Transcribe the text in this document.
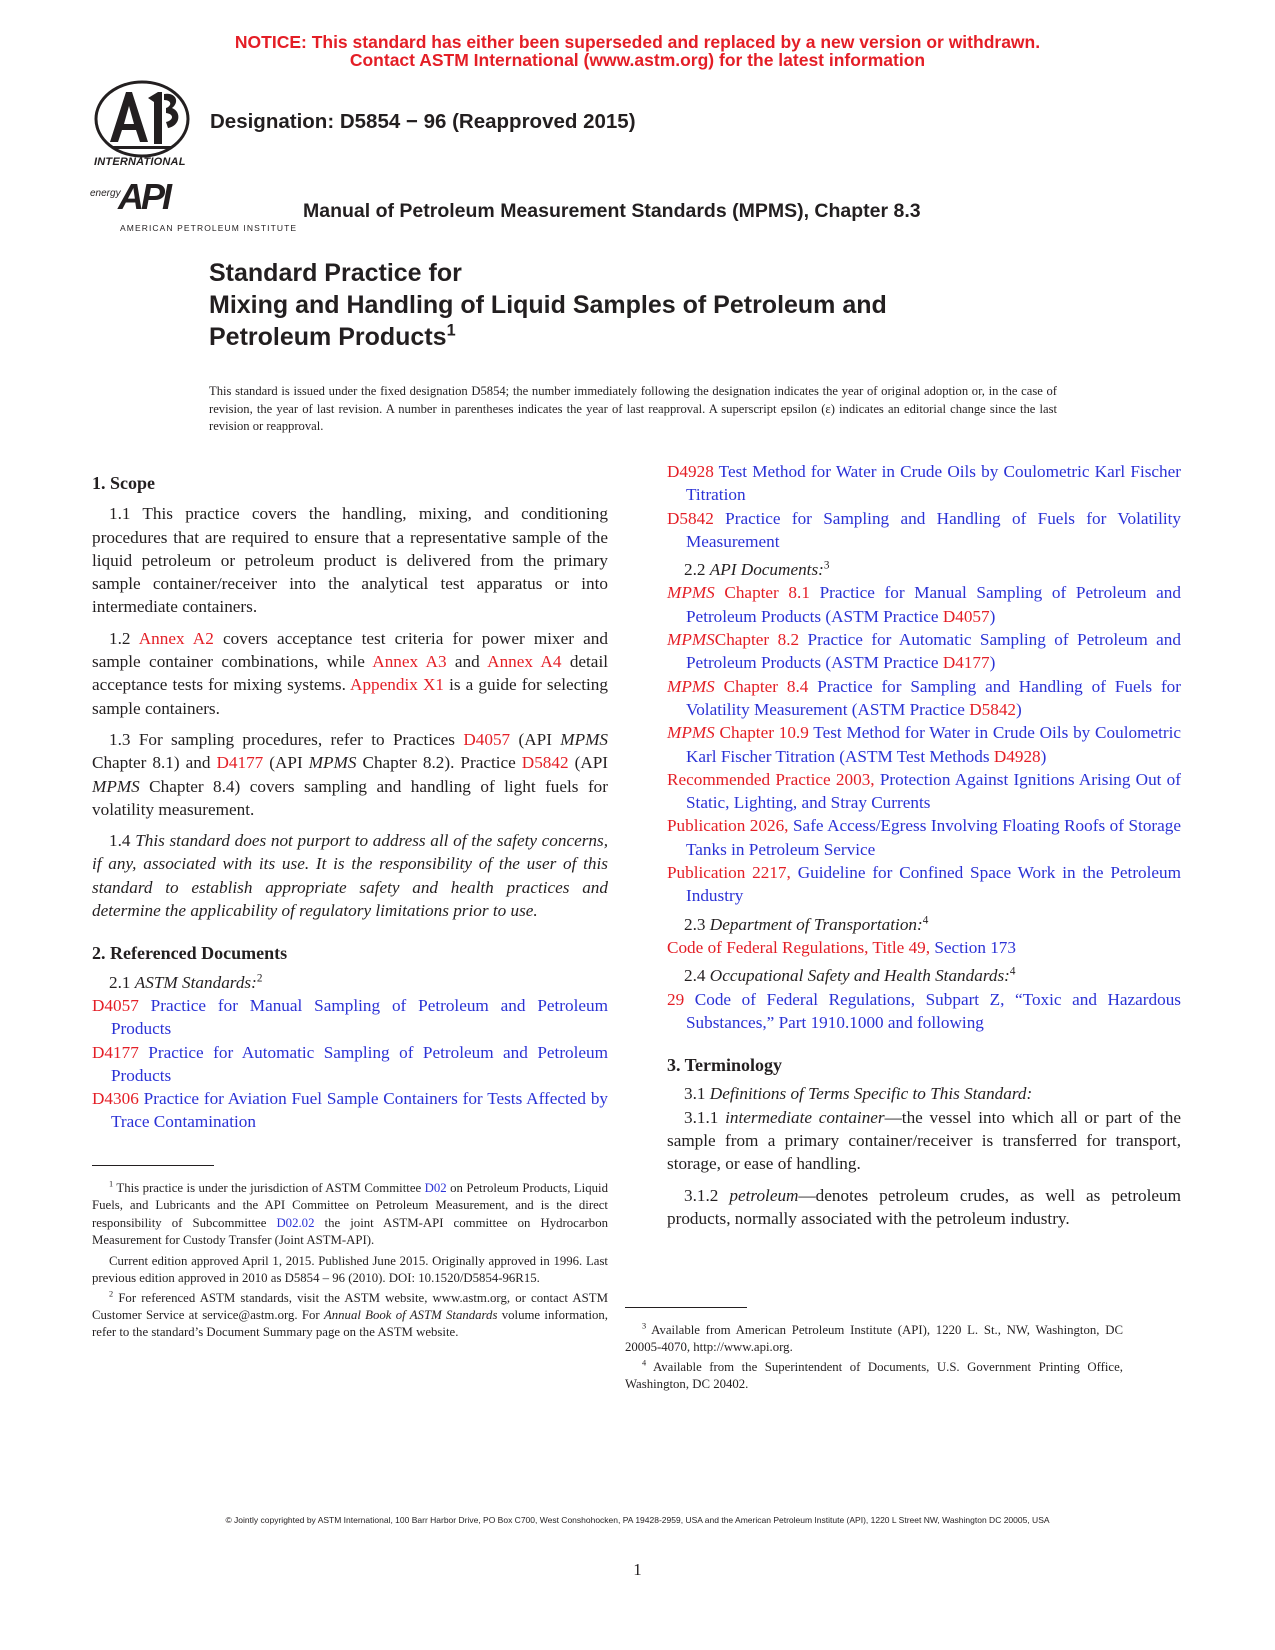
NOTICE: This standard has either been superseded and replaced by a new version or withdrawn.
Contact ASTM International (www.astm.org) for the latest information
INTERNATIONAL
energy
API
AMERICAN PETROLEUM INSTITUTE
Designation: D5854 − 96 (Reapproved 2015)
Manual of Petroleum Measurement Standards (MPMS), Chapter 8.3
Standard Practice for
Mixing and Handling of Liquid Samples of Petroleum and
Petroleum Products$^1$
This standard is issued under the fixed designation D5854; the number immediately following the designation indicates the year of original adoption or, in the case of revision, the year of last revision. A number in parentheses indicates the year of last reapproval. A superscript epsilon (ε) indicates an editorial change since the last revision or reapproval.
1. Scope

1.1 This practice covers the handling, mixing, and conditioning procedures that are required to ensure that a representative sample of the liquid petroleum or petroleum product is delivered from the primary sample container/receiver into the analytical test apparatus or into intermediate containers.

1.2 Annex A2 covers acceptance test criteria for power mixer and sample container combinations, while Annex A3 and Annex A4 detail acceptance tests for mixing systems. Appendix X1 is a guide for selecting sample containers.

1.3 For sampling procedures, refer to Practices D4057 (API MPMS Chapter 8.1) and D4177 (API MPMS Chapter 8.2). Practice D5842 (API MPMS Chapter 8.4) covers sampling and handling of light fuels for volatility measurement.

1.4 This standard does not purport to address all of the safety concerns, if any, associated with its use. It is the responsibility of the user of this standard to establish appropriate safety and health practices and determine the applicability of regulatory limitations prior to use.

2. Referenced Documents

2.1 ASTM Standards:$^2$

D4057 Practice for Manual Sampling of Petroleum and Petroleum Products

D4177 Practice for Automatic Sampling of Petroleum and Petroleum Products

D4306 Practice for Aviation Fuel Sample Containers for Tests Affected by Trace Contamination

$^1$ This practice is under the jurisdiction of ASTM Committee D02 on Petroleum Products, Liquid Fuels, and Lubricants and the API Committee on Petroleum Measurement, and is the direct responsibility of Subcommittee D02.02 the joint ASTM-API committee on Hydrocarbon Measurement for Custody Transfer (Joint ASTM-API).

Current edition approved April 1, 2015. Published June 2015. Originally approved in 1996. Last previous edition approved in 2010 as D5854 – 96 (2010). DOI: 10.1520/D5854-96R15.

$^2$ For referenced ASTM standards, visit the ASTM website, www.astm.org, or contact ASTM Customer Service at service@astm.org. For Annual Book of ASTM Standards volume information, refer to the standard’s Document Summary page on the ASTM website.

D4928 Test Method for Water in Crude Oils by Coulometric Karl Fischer Titration

D5842 Practice for Sampling and Handling of Fuels for Volatility Measurement

2.2 API Documents:$^3$

MPMS Chapter 8.1 Practice for Manual Sampling of Petroleum and Petroleum Products (ASTM Practice D4057)

MPMSChapter 8.2 Practice for Automatic Sampling of Petroleum and Petroleum Products (ASTM Practice D4177)

MPMS Chapter 8.4 Practice for Sampling and Handling of Fuels for Volatility Measurement (ASTM Practice D5842)

MPMS Chapter 10.9 Test Method for Water in Crude Oils by Coulometric Karl Fischer Titration (ASTM Test Methods D4928)

Recommended Practice 2003, Protection Against Ignitions Arising Out of Static, Lighting, and Stray Currents

Publication 2026, Safe Access/Egress Involving Floating Roofs of Storage Tanks in Petroleum Service

Publication 2217, Guideline for Confined Space Work in the Petroleum Industry

2.3 Department of Transportation:$^4$

Code of Federal Regulations, Title 49, Section 173

2.4 Occupational Safety and Health Standards:$^4$

29 Code of Federal Regulations, Subpart Z, “Toxic and Hazardous Substances,” Part 1910.1000 and following

3. Terminology

3.1 Definitions of Terms Specific to This Standard:

3.1.1 intermediate container—the vessel into which all or part of the sample from a primary container/receiver is transferred for transport, storage, or ease of handling.

3.1.2 petroleum—denotes petroleum crudes, as well as petroleum products, normally associated with the petroleum industry.

$^3$ Available from American Petroleum Institute (API), 1220 L. St., NW, Washington, DC 20005-4070, http://www.api.org.

$^4$ Available from the Superintendent of Documents, U.S. Government Printing Office, Washington, DC 20402.

© Jointly copyrighted by ASTM International, 100 Barr Harbor Drive, PO Box C700, West Conshohocken, PA 19428-2959, USA and the American Petroleum Institute (API), 1220 L Street NW, Washington DC 20005, USA
1
